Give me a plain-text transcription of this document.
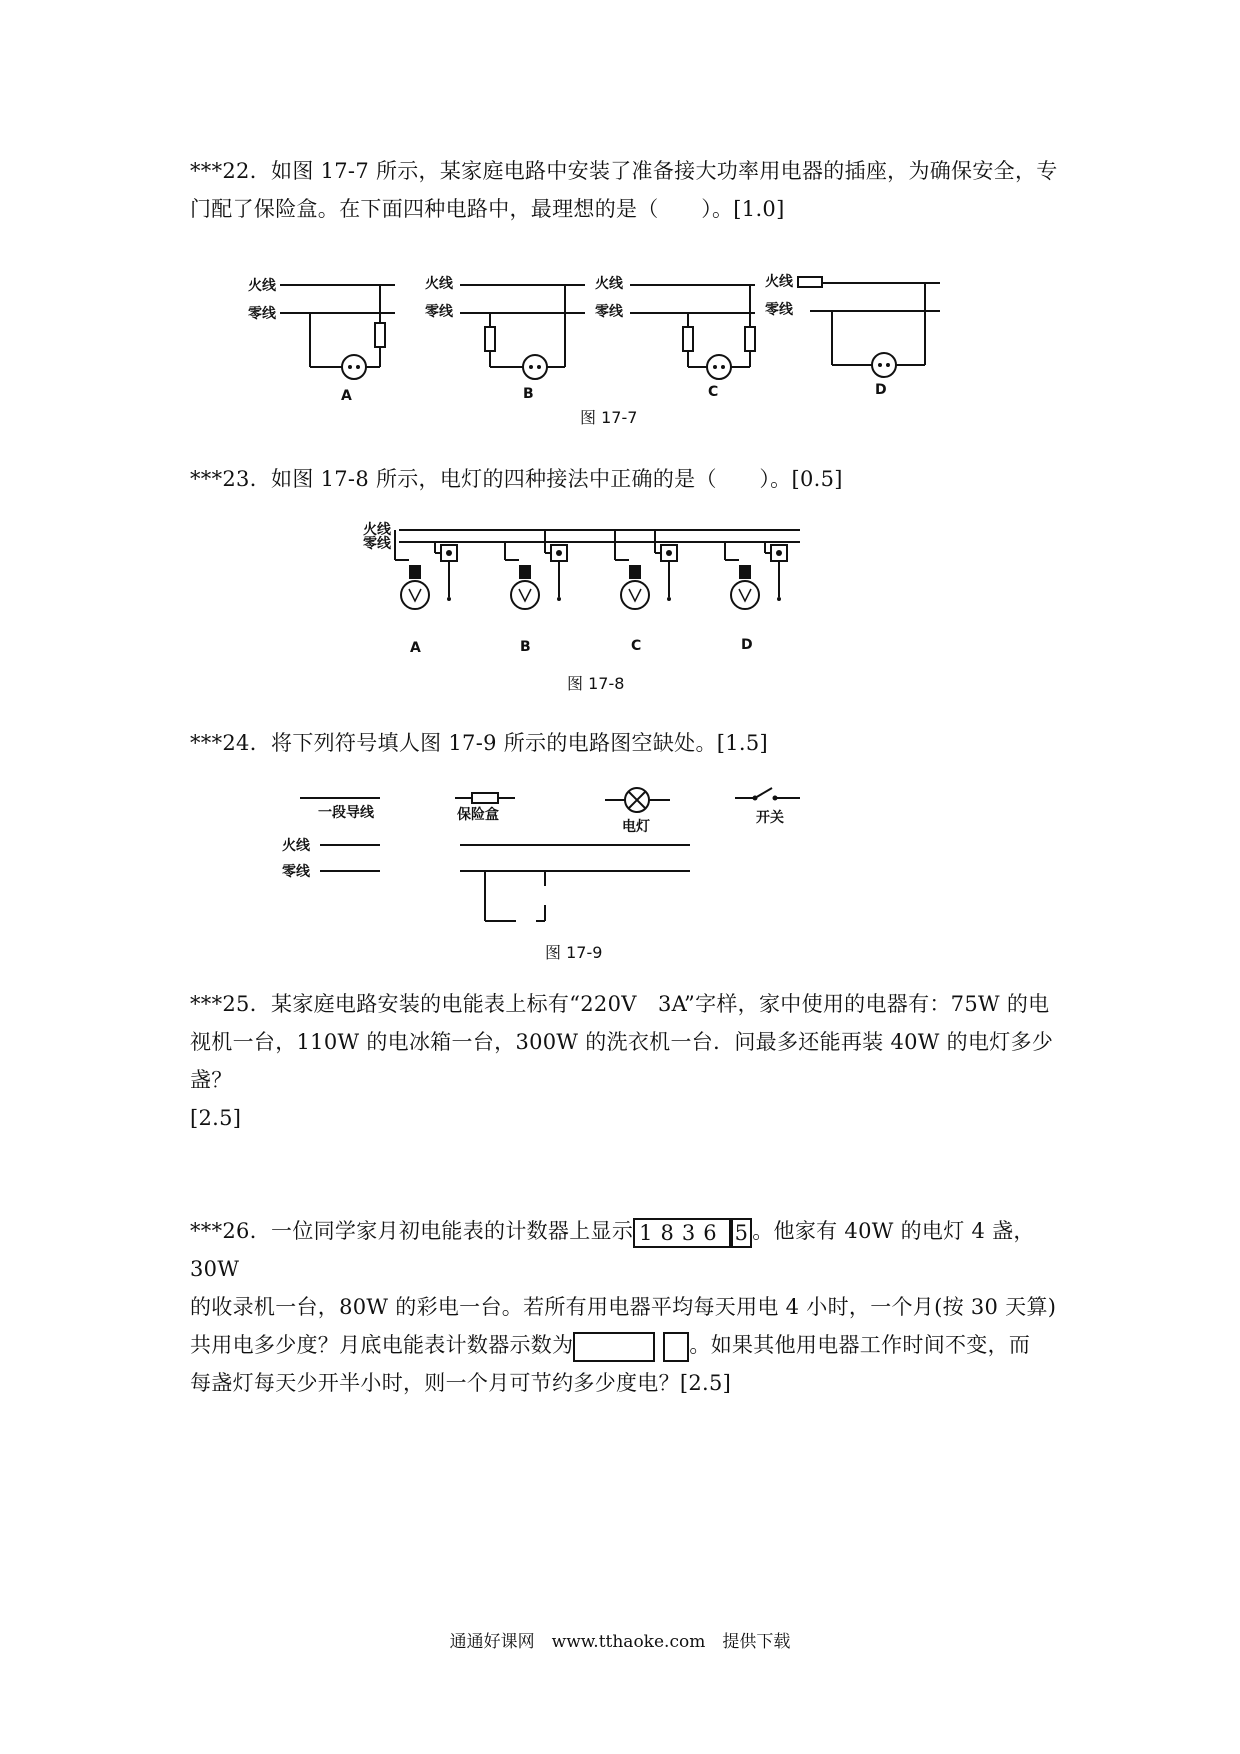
***22．如图 17-7 所示，某家庭电路中安装了准备接大功率用电器的插座，为确保安全，专
门配了保险盒。在下面四种电路中，最理想的是（　　）。[1.0]
火线
零线
火线
零线
火线
零线
火线
零线
A	B	C	D
图 17-7
***23．如图 17-8 所示，电灯的四种接法中正确的是（　　）。[0.5]
火线
零线
A	B	C	D
图 17-8
***24．将下列符号填人图 17-9 所示的电路图空缺处。[1.5]
一段导线	保险盒
电灯
开关
火线
零线
图 17-9
***25．某家庭电路安装的电能表上标有“220V　3A”字样，家中使用的电器有：75W 的电
视机一台，110W 的电冰箱一台，300W 的洗衣机一台．问最多还能再装 40W 的电灯多少盏？
[2.5]
***26．一位同学家月初电能表的计数器上显示 1836 5 。他家有 40W 的电灯 4 盏，30W
的收录机一台，80W 的彩电一台。若所有用电器平均每天用电 4 小时，一个月(按 30 天算)
共用电多少度？月底电能表计数器示数为	。如果其他用电器工作时间不变，而
每盏灯每天少开半小时，则一个月可节约多少度电？[2.5]
通通好课网　www.tthaoke.com　提供下载
